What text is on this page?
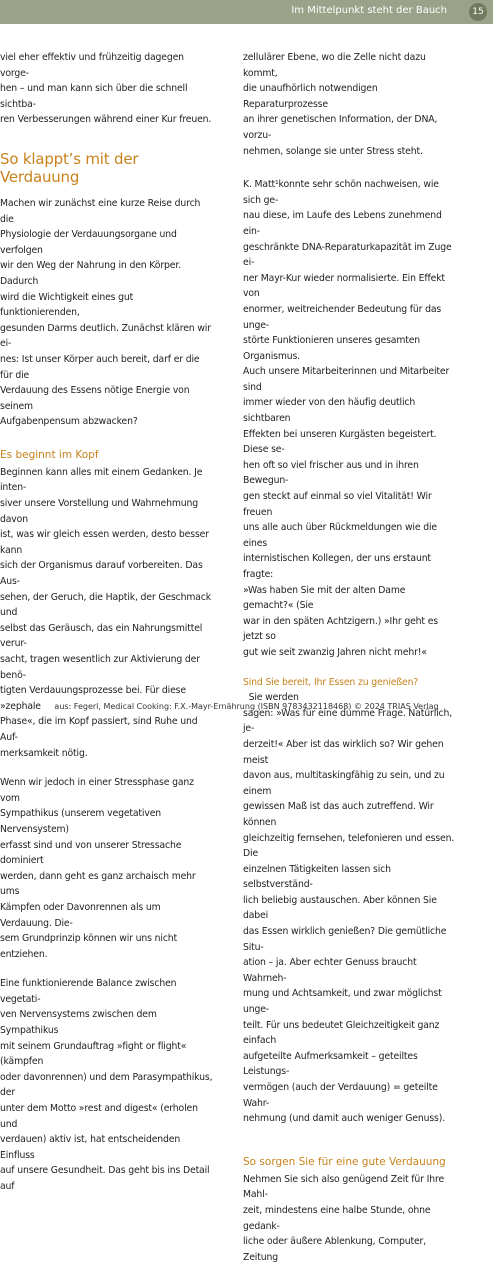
Im Mittelpunkt steht der Bauch	15
viel eher effektiv und frühzeitig dagegen vorge-
hen – und man kann sich über die schnell sichtba-
ren Verbesserungen während einer Kur freuen.
So klappt’s mit der Verdauung
Machen wir zunächst eine kurze Reise durch die
Physiologie der Verdauungsorgane und verfolgen
wir den Weg der Nahrung in den Körper. Dadurch
wird die Wichtigkeit eines gut funktionierenden,
gesunden Darms deutlich. Zunächst klären wir ei-
nes: Ist unser Körper auch bereit, darf er die für die
Verdauung des Essens nötige Energie von seinem
Aufgabenpensum abzwacken?
Es beginnt im Kopf
Beginnen kann alles mit einem Gedanken. Je inten-
siver unsere Vorstellung und Wahrnehmung davon
ist, was wir gleich essen werden, desto besser kann
sich der Organismus darauf vorbereiten. Das Aus-
sehen, der Geruch, die Haptik, der Geschmack und
selbst das Geräusch, das ein Nahrungsmittel verur-
sacht, tragen wesentlich zur Aktivierung der benö-
tigten Verdauungsprozesse bei. Für diese »zephale
Phase«, die im Kopf passiert, sind Ruhe und Auf-
merksamkeit nötig.
Wenn wir jedoch in einer Stressphase ganz vom
Sympathikus (unserem vegetativen Nervensystem)
erfasst sind und von unserer Stressache dominiert
werden, dann geht es ganz archaisch mehr ums
Kämpfen oder Davonrennen als um Verdauung. Die-
sem Grundprinzip können wir uns nicht entziehen.
Eine funktionierende Balance zwischen vegetati-
ven Nervensystems zwischen dem Sympathikus
mit seinem Grundauftrag »fight or flight« (kämpfen
oder davonrennen) und dem Parasympathikus, der
unter dem Motto »rest and digest« (erholen und
verdauen) aktiv ist, hat entscheidenden Einfluss
auf unsere Gesundheit. Das geht bis ins Detail auf
zellulärer Ebene, wo die Zelle nicht dazu kommt,
die unaufhörlich notwendigen Reparaturprozesse
an ihrer genetischen Information, der DNA, vorzu-
nehmen, solange sie unter Stress steht.
K. Matt¹konnte sehr schön nachweisen, wie sich ge-
nau diese, im Laufe des Lebens zunehmend ein-
geschränkte DNA-Reparaturkapazität im Zuge ei-
ner Mayr-Kur wieder normalisierte. Ein Effekt von
enormer, weitreichender Bedeutung für das unge-
störte Funktionieren unseres gesamten Organismus.
Auch unsere Mitarbeiterinnen und Mitarbeiter sind
immer wieder von den häufig deutlich sichtbaren
Effekten bei unseren Kurgästen begeistert. Diese se-
hen oft so viel frischer aus und in ihren Bewegun-
gen steckt auf einmal so viel Vitalität! Wir freuen
uns alle auch über Rückmeldungen wie die eines
internistischen Kollegen, der uns erstaunt fragte:
»Was haben Sie mit der alten Dame gemacht?« (Sie
war in den späten Achtzigern.) »Ihr geht es jetzt so
gut wie seit zwanzig Jahren nicht mehr!«
Sind Sie bereit, Ihr Essen zu genießen?  Sie werden
sagen: »Was für eine dumme Frage. Natürlich, je-
derzeit!« Aber ist das wirklich so? Wir gehen meist
davon aus, multitaskingfähig zu sein, und zu einem
gewissen Maß ist das auch zutreffend. Wir können
gleichzeitig fernsehen, telefonieren und essen. Die
einzelnen Tätigkeiten lassen sich selbstverständ-
lich beliebig austauschen. Aber können Sie dabei
das Essen wirklich genießen? Die gemütliche Situ-
ation – ja. Aber echter Genuss braucht Wahrneh-
mung und Achtsamkeit, und zwar möglichst unge-
teilt. Für uns bedeutet Gleichzeitigkeit ganz einfach
aufgeteilte Aufmerksamkeit – geteiltes Leistungs-
vermögen (auch der Verdauung) = geteilte Wahr-
nehmung (und damit auch weniger Genuss).
So sorgen Sie für eine gute Verdauung
Nehmen Sie sich also genügend Zeit für Ihre Mahl-
zeit, mindestens eine halbe Stunde, ohne gedank-
liche oder äußere Ablenkung, Computer, Zeitung
aus: Fegerl, Medical Cooking: F.X.-Mayr-Ernährung (ISBN 9783432118468) © 2024 TRIAS Verlag
